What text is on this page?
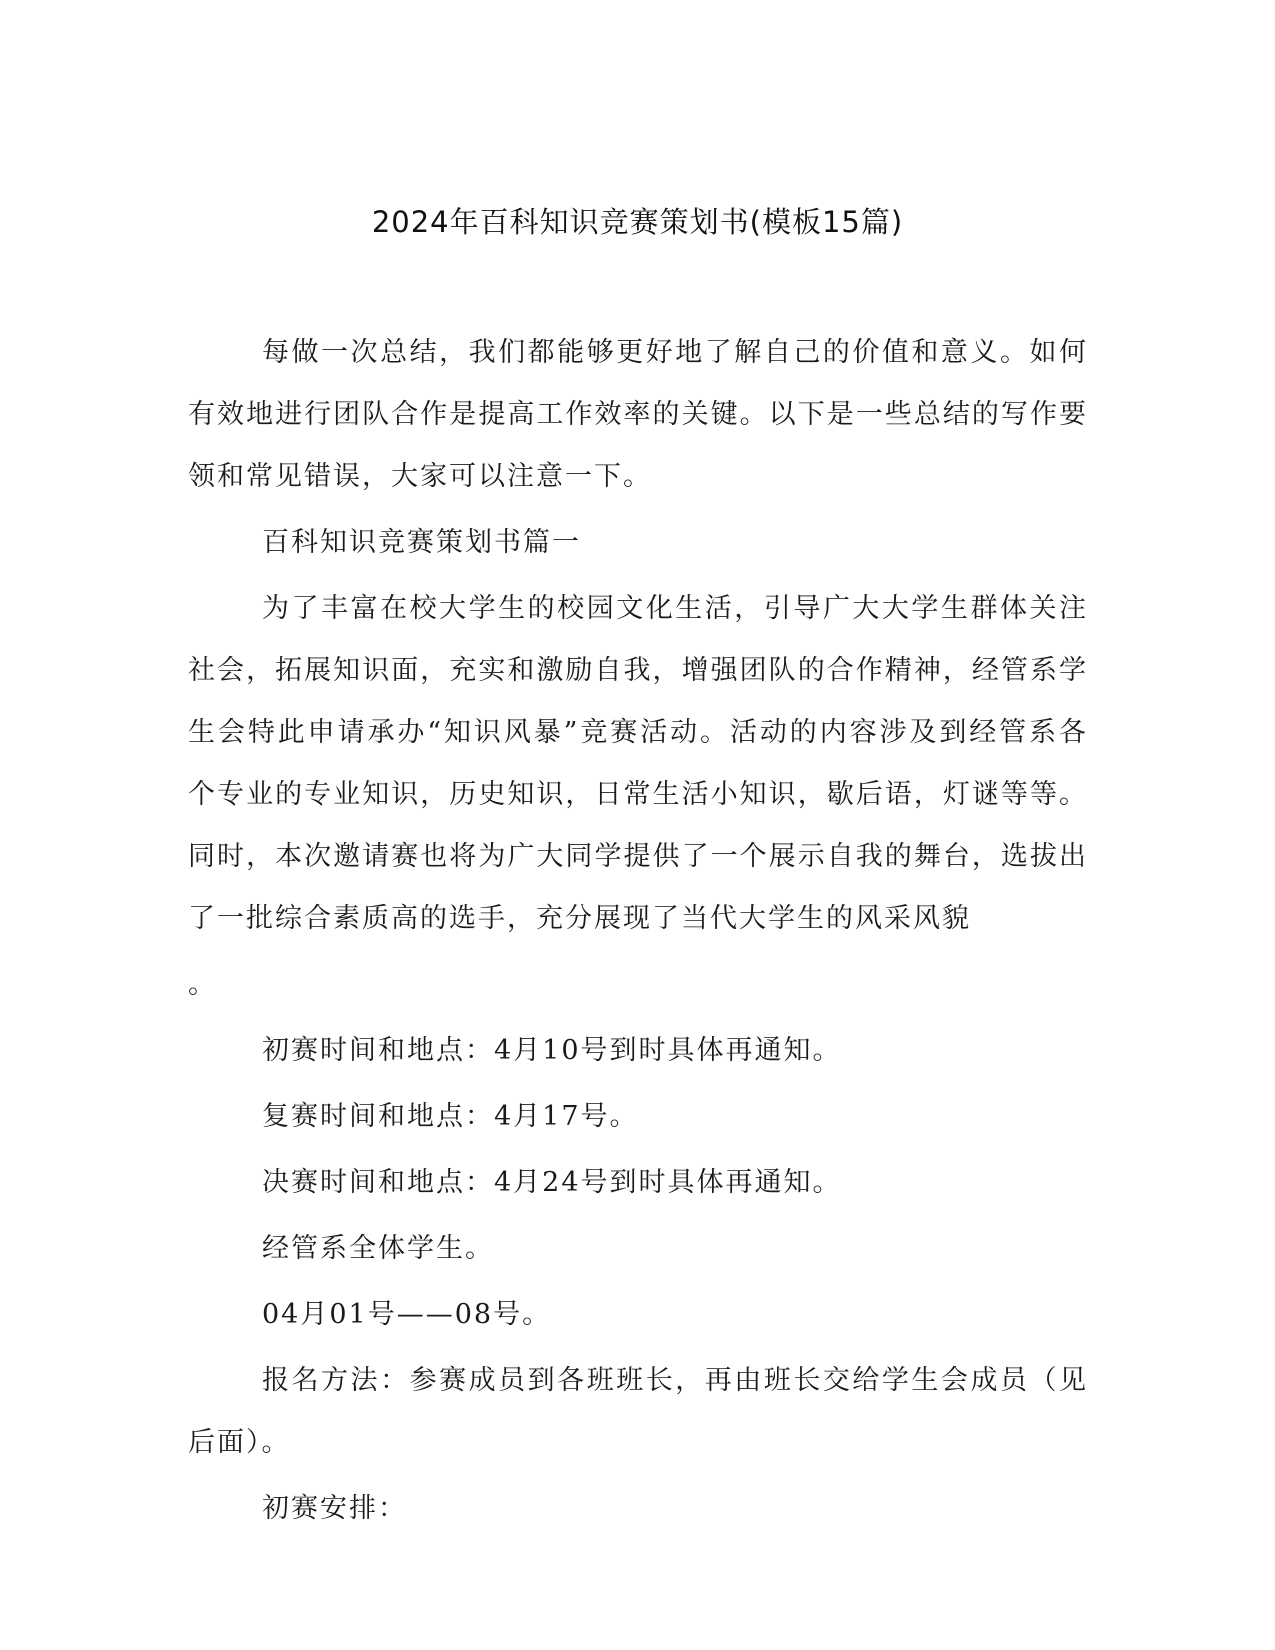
2024年百科知识竞赛策划书(模板15篇)

每做一次总结，我们都能够更好地了解自己的价值和意义。如何有效地进行团队合作是提高工作效率的关键。以下是一些总结的写作要领和常见错误，大家可以注意一下。

百科知识竞赛策划书篇一

为了丰富在校大学生的校园文化生活，引导广大大学生群体关注社会，拓展知识面，充实和激励自我，增强团队的合作精神，经管系学生会特此申请承办“知识风暴”竞赛活动。活动的内容涉及到经管系各个专业的专业知识，历史知识，日常生活小知识，歇后语，灯谜等等。同时，本次邀请赛也将为广大同学提供了一个展示自我的舞台，选拔出了一批综合素质高的选手，充分展现了当代大学生的风采风貌

。

初赛时间和地点：4月10号到时具体再通知。

复赛时间和地点：4月17号。

决赛时间和地点：4月24号到时具体再通知。

经管系全体学生。

04月01号——08号。

报名方法：参赛成员到各班班长，再由班长交给学生会成员（见后面）。

初赛安排：
